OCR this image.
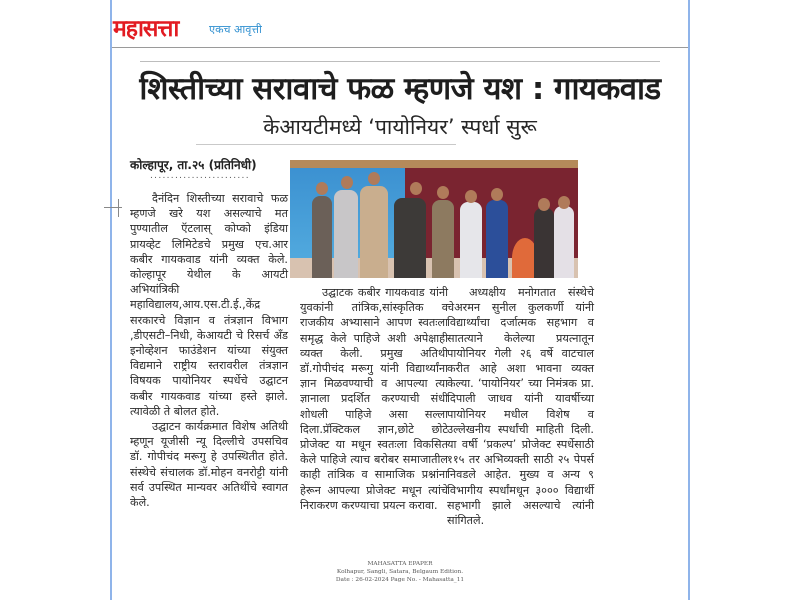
महासत्ता	एकच आवृत्ती
शिस्तीच्या सरावाचे फळ म्हणजे यश : गायकवाड
केआयटीमध्ये ‘पायोनियर’ स्पर्धा सुरू
कोल्हापूर, ता.२५ (प्रतिनिधी)
........................

दैनंदिन शिस्तीच्या सरावाचे फळ म्हणजे खरे यश असल्याचे मत पुण्यातील ऍटलास् कोप्को इंडिया प्रायव्हेट लिमिटेडचे प्रमुख एच.आर कबीर गायकवाड यांनी व्यक्त केले. कोल्हापूर येथील के आयटी अभियांत्रिकी महाविद्यालय,आय.एस.टी.ई.,केंद्र सरकारचे विज्ञान व तंत्रज्ञान विभाग ,डीएसटी–निधी, केआयटी चे रिसर्च अँड इनोव्हेशन फाउंडेशन यांच्या संयुक्त विद्यमाने राष्ट्रीय स्तरावरील तंत्रज्ञान विषयक पायोनियर स्पर्धेचे उद्घाटन कबीर गायकवाड यांच्या हस्ते झाले. त्यावेळी ते बोलत होते.

उद्घाटन कार्यक्रमात विशेष अतिथी म्हणून यूजीसी न्यू दिल्लीचे उपसचिव डॉ. गोपीचंद मरूगु हे उपस्थितीत होते. संस्थेचे संचालक डॉ.मोहन वनरोट्टी यांनी सर्व उपस्थित मान्यवर अतिथींचे स्वागत केले.

उद्घाटक कबीर गायकवाड यांनी युवकांनी तांत्रिक,सांस्कृतिक व राजकीय अभ्यासाने आपण स्वतःला समृद्ध केले पाहिजे अशी अपेक्षाही व्यक्त केली. प्रमुख अतिथी डॉ.गोपीचंद मरूगु यांनी विद्यार्थ्यांना ज्ञान मिळवण्याची व आपल्या त्या ज्ञानाला प्रदर्शित करण्याची संधी शोधली पाहिजे असा सल्ला दिला.प्रॅक्टिकल ज्ञान,छोटे छोटे प्रोजेक्ट या मधून स्वतःला विकसित केले पाहिजे त्याच बरोबर समाजातील काही तांत्रिक व सामाजिक प्रश्नांना हेरून आपल्या प्रोजेक्ट मधून त्यांचे निराकरण करण्याचा प्रयत्न करावा.

अध्यक्षीय मनोगतात संस्थेचे चेअरमन सुनील कुलकर्णी यांनी विद्यार्थ्यांचा दर्जात्मक सहभाग व सातत्याने केलेल्या प्रयत्नातून पायोनियर गेली २६ वर्षे वाटचाल करीत आहे अशा भावना व्यक्त केल्या. ‘पायोनियर’ च्या निमंत्रक प्रा. दिपाली जाधव यांनी यावर्षीच्या पायोनियर मधील विशेष व उल्लेखनीय स्पर्धांची माहिती दिली. या वर्षी ‘प्रकल्प’ प्रोजेक्ट स्पर्धेसाठी ११५ तर अभिव्यक्ती साठी २५ पेपर्स निवडले आहेत. मुख्य व अन्य ९ विभागीय स्पर्धांमधून ३००० विद्यार्थी सहभागी झाले असल्याचे त्यांनी सांगितले.

MAHASATTA EPAPER
Kolhapur, Sangli, Satara, Belgaum Edition.
Date : 26-02-2024 Page No. - Mahasatta_11
